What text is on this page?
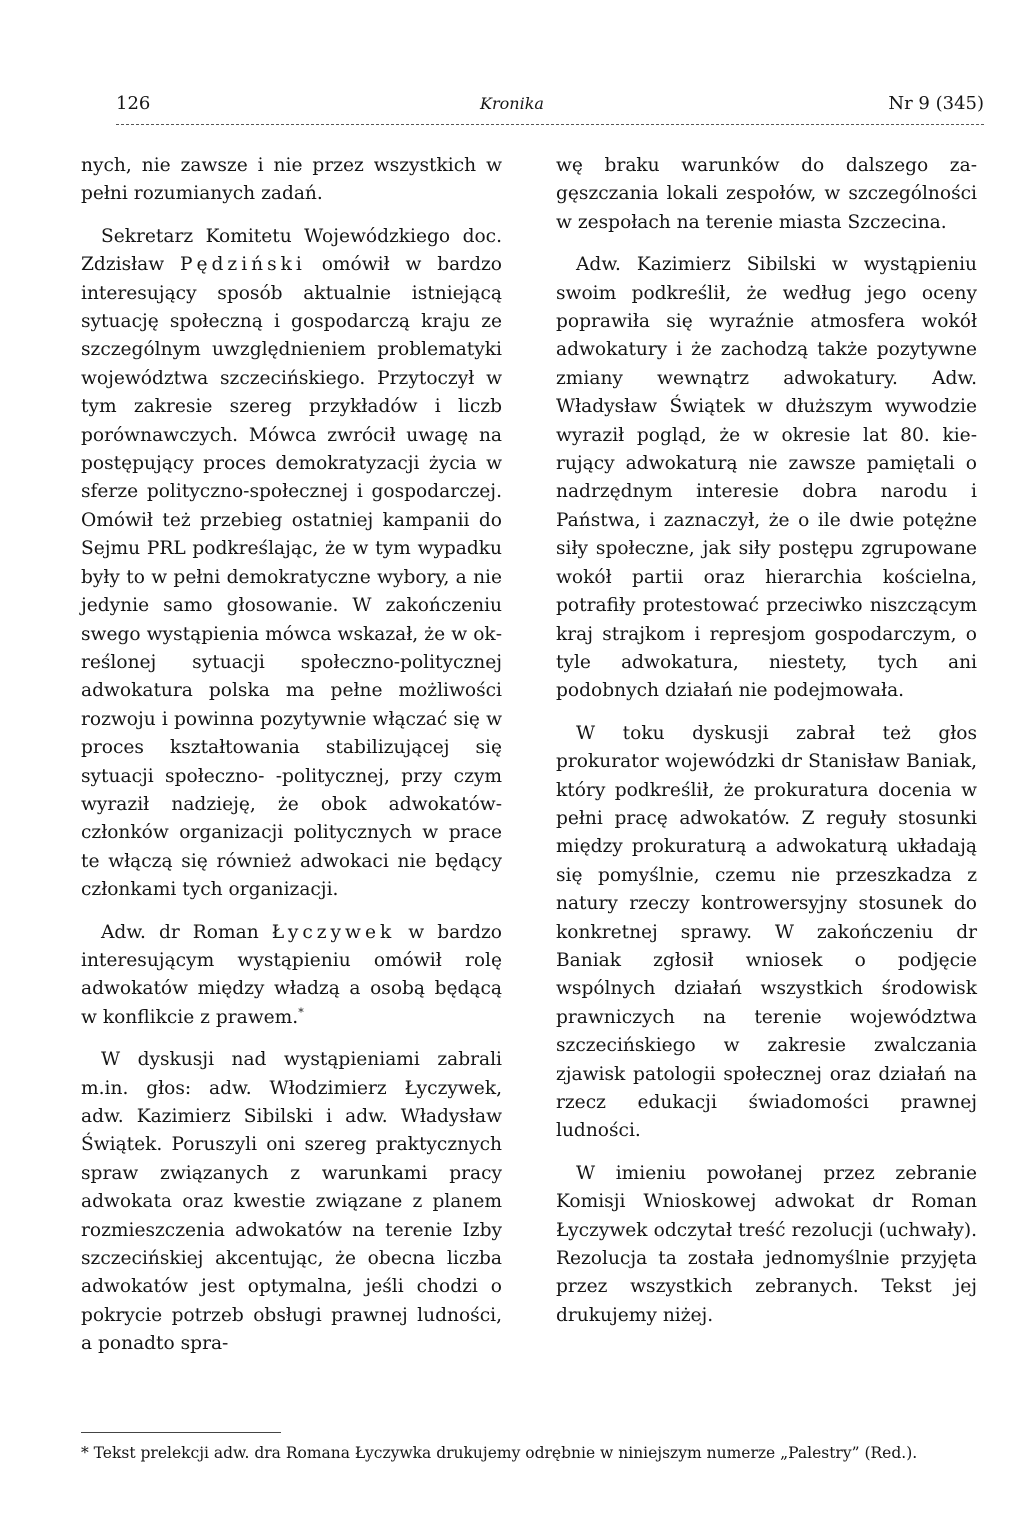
126	Kronika	Nr 9 (345)

nych, nie zawsze i nie przez wszystkich w pełni rozumianych zadań.

Sekretarz Komitetu Wojewódzkiego doc. Zdzisław Pędziński omówił w bardzo interesujący sposób aktualnie istniejącą sytuację społeczną i gospodarczą kraju ze szczególnym uwzględnieniem problematyki województwa szczecińskiego. Przytoczył w tym zakresie szereg przykładów i liczb porównawczych. Mówca zwrócił uwagę na postępujący proces demokratyzacji życia w sferze polityczno-społecznej i gospodarczej. Omówił też przebieg ostatniej kampanii do Sejmu PRL podkreślając, że w tym wypadku były to w pełni demokratyczne wybory, a nie jedynie samo głosowanie. W zakończeniu swego wystąpienia mówca wskazał, że w określonej sytuacji społeczno-politycznej adwokatura polska ma pełne możliwości rozwoju i powinna pozytywnie włączać się w proces kształtowania stabilizującej się sytuacji społeczno- -politycznej, przy czym wyraził nadzieję, że obok adwokatów-członków organizacji politycznych w prace te włączą się również adwokaci nie będący członkami tych organizacji.

Adw. dr Roman Łyczywek w bardzo interesującym wystąpieniu omówił rolę adwokatów między władzą a osobą będącą w konflikcie z prawem.*

W dyskusji nad wystąpieniami zabrali m.in. głos: adw. Włodzimierz Łyczywek, adw. Kazimierz Sibilski i adw. Władysław Świątek. Poruszyli oni szereg praktycznych spraw związanych z warunkami pracy adwokata oraz kwestie związane z planem rozmieszczenia adwokatów na terenie Izby szczecińskiej akcentując, że obecna liczba adwokatów jest optymalna, jeśli chodzi o pokrycie potrzeb obsługi prawnej ludności, a ponadto spra-

wę braku warunków do dalszego zagęszczania lokali zespołów, w szczególności w zespołach na terenie miasta Szczecina.

Adw. Kazimierz Sibilski w wystąpieniu swoim podkreślił, że według jego oceny poprawiła się wyraźnie atmosfera wokół adwokatury i że zachodzą także pozytywne zmiany wewnątrz adwokatury. Adw. Władysław Świątek w dłuższym wywodzie wyraził pogląd, że w okresie lat 80. kierujący adwokaturą nie zawsze pamiętali o nadrzędnym interesie dobra narodu i Państwa, i zaznaczył, że o ile dwie potężne siły społeczne, jak siły postępu zgrupowane wokół partii oraz hierarchia kościelna, potrafiły protestować przeciwko niszczącym kraj strajkom i represjom gospodarczym, o tyle adwokatura, niestety, tych ani podobnych działań nie podejmowała.

W toku dyskusji zabrał też głos prokurator wojewódzki dr Stanisław Baniak, który podkreślił, że prokuratura docenia w pełni pracę adwokatów. Z reguły stosunki między prokuraturą a adwokaturą układają się pomyślnie, czemu nie przeszkadza z natury rzeczy kontrowersyjny stosunek do konkretnej sprawy. W zakończeniu dr Baniak zgłosił wniosek o podjęcie wspólnych działań wszystkich środowisk prawniczych na terenie województwa szczecińskiego w zakresie zwalczania zjawisk patologii społecznej oraz działań na rzecz edukacji świadomości prawnej ludności.

W imieniu powołanej przez zebranie Komisji Wnioskowej adwokat dr Roman Łyczywek odczytał treść rezolucji (uchwały). Rezolucja ta została jednomyślnie przyjęta przez wszystkich zebranych. Tekst jej drukujemy niżej.

* Tekst prelekcji adw. dra Romana Łyczywka drukujemy odrębnie w niniejszym numerze „Palestry” (Red.).
